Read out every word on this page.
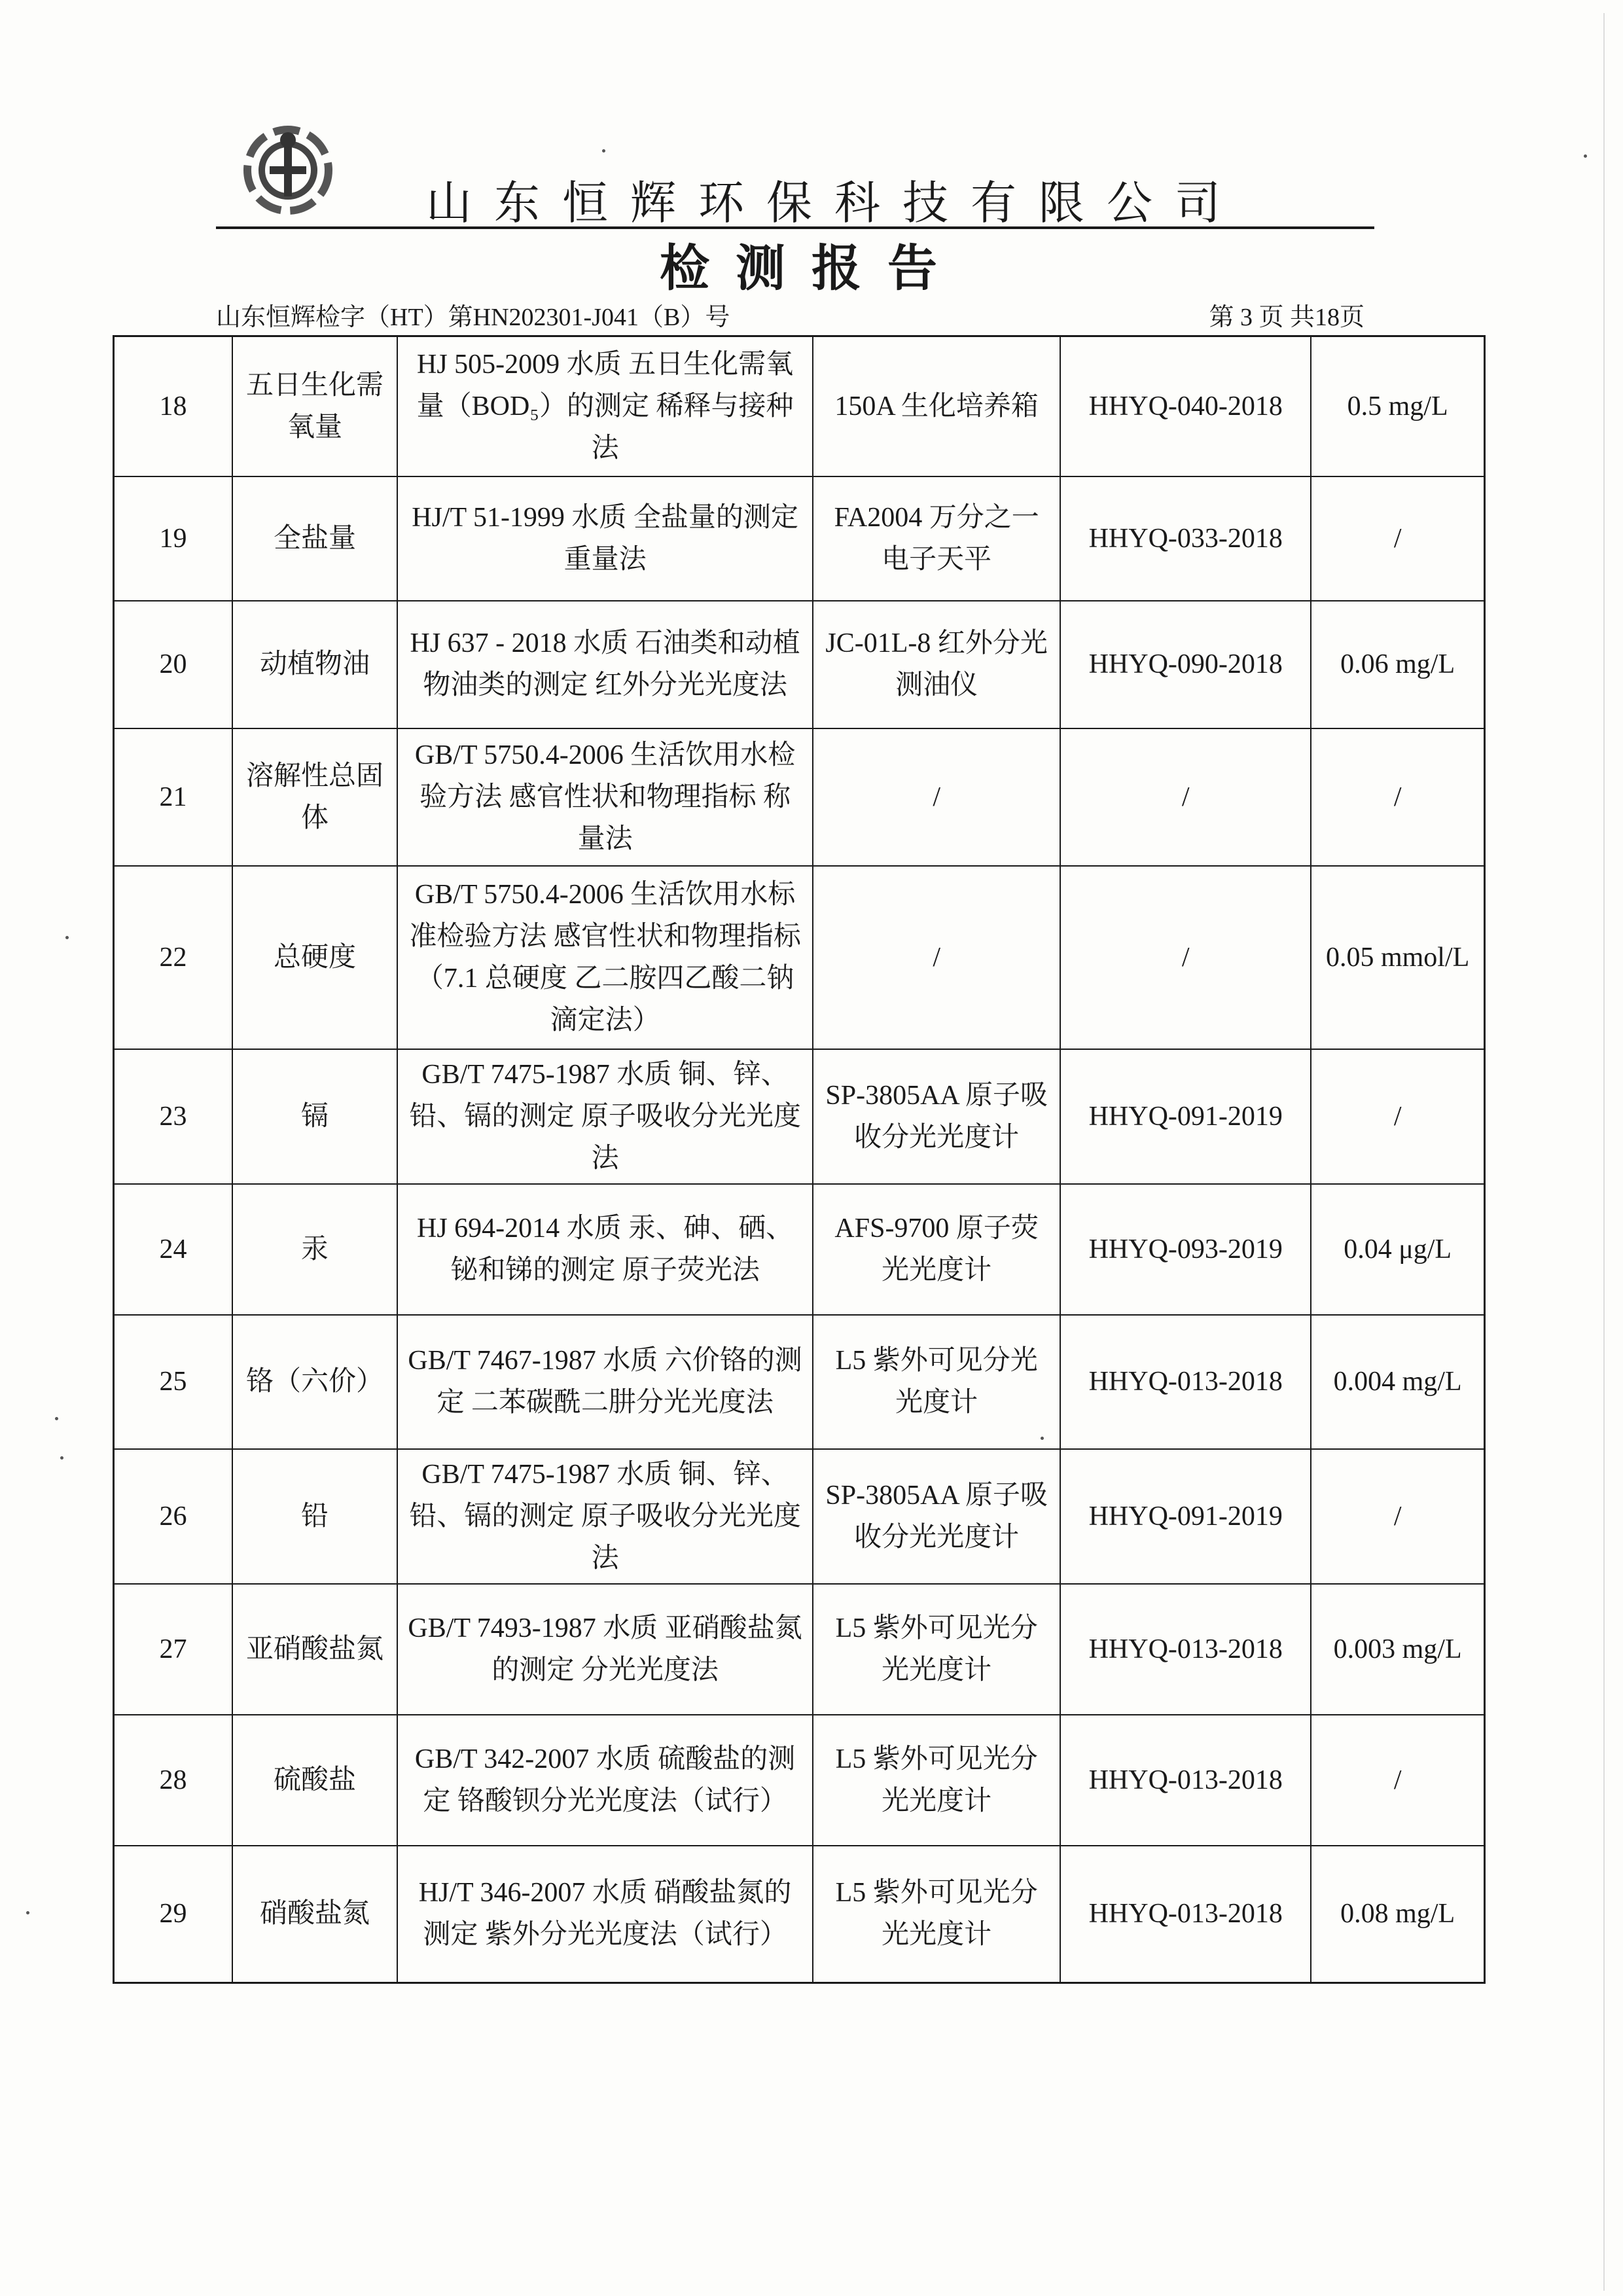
山东恒辉环保科技有限公司
检测报告
山东恒辉检字（HT）第HN202301-J041（B）号	第 3 页 共18页
18	五日生化需氧量	HJ 505-2009 水质 五日生化需氧量（BOD₅）的测定 稀释与接种法	150A 生化培养箱	HHYQ-040-2018	0.5 mg/L
19	全盐量	HJ/T 51-1999 水质 全盐量的测定 重量法	FA2004 万分之一电子天平	HHYQ-033-2018	/
20	动植物油	HJ 637 - 2018 水质 石油类和动植物油类的测定 红外分光光度法	JC-01L-8 红外分光测油仪	HHYQ-090-2018	0.06 mg/L
21	溶解性总固体	GB/T 5750.4-2006 生活饮用水检验方法 感官性状和物理指标 称量法	/	/	/
22	总硬度	GB/T 5750.4-2006 生活饮用水标准检验方法 感官性状和物理指标（7.1 总硬度 乙二胺四乙酸二钠滴定法）	/	/	0.05 mmol/L
23	镉	GB/T 7475-1987 水质 铜、锌、铅、镉的测定 原子吸收分光光度法	SP-3805AA 原子吸收分光光度计	HHYQ-091-2019	/
24	汞	HJ 694-2014 水质 汞、砷、硒、铋和锑的测定 原子荧光法	AFS-9700 原子荧光光度计	HHYQ-093-2019	0.04 μg/L
25	铬（六价）	GB/T 7467-1987 水质 六价铬的测定 二苯碳酰二肼分光光度法	L5 紫外可见分光光度计	HHYQ-013-2018	0.004 mg/L
26	铅	GB/T 7475-1987 水质 铜、锌、铅、镉的测定 原子吸收分光光度法	SP-3805AA 原子吸收分光光度计	HHYQ-091-2019	/
27	亚硝酸盐氮	GB/T 7493-1987 水质 亚硝酸盐氮的测定 分光光度法	L5 紫外可见光分光光度计	HHYQ-013-2018	0.003 mg/L
28	硫酸盐	GB/T 342-2007 水质 硫酸盐的测定 铬酸钡分光光度法（试行）	L5 紫外可见光分光光度计	HHYQ-013-2018	/
29	硝酸盐氮	HJ/T 346-2007 水质 硝酸盐氮的测定 紫外分光光度法（试行）	L5 紫外可见光分光光度计	HHYQ-013-2018	0.08 mg/L
